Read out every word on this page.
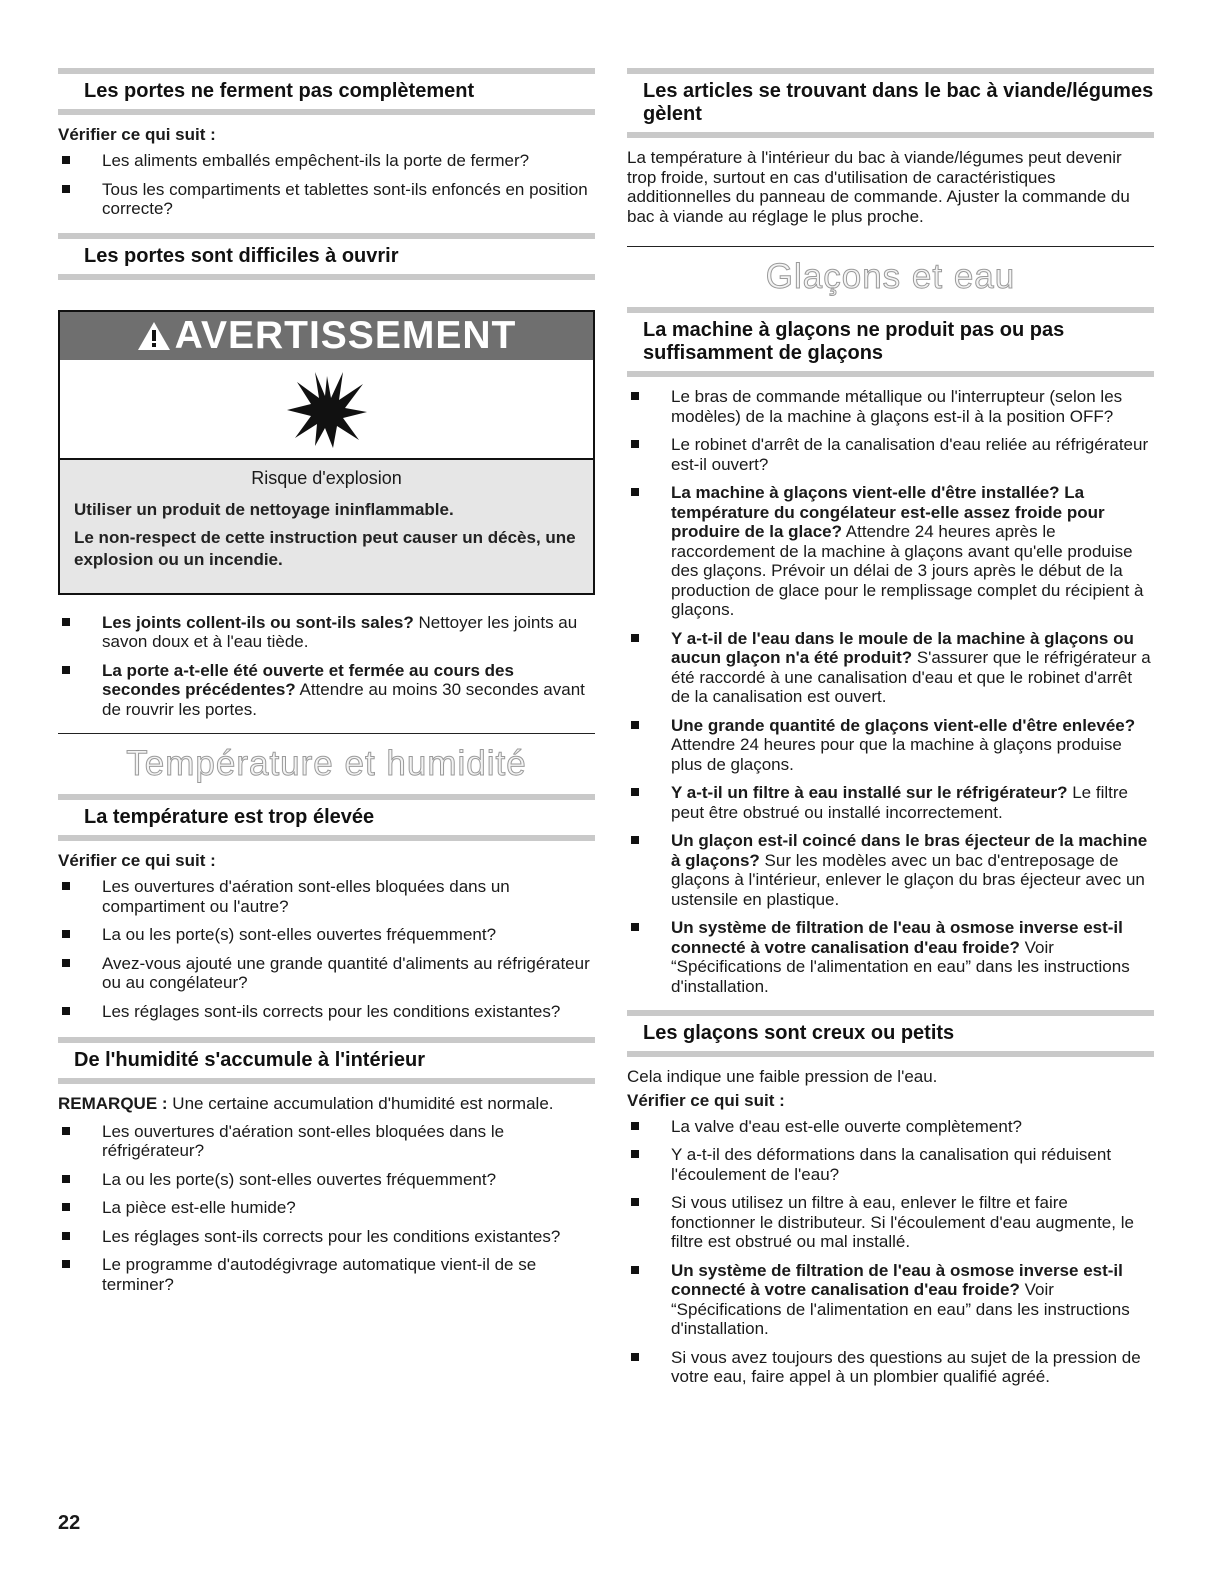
Les portes ne ferment pas complètement
Vérifier ce qui suit :
Les aliments emballés empêchent-ils la porte de fermer?
Tous les compartiments et tablettes sont-ils enfoncés en position correcte?
Les portes sont difficiles à ouvrir
AVERTISSEMENT
Risque d'explosion
Utiliser un produit de nettoyage ininflammable.
Le non-respect de cette instruction peut causer un décès, une explosion ou un incendie.
Les joints collent-ils ou sont-ils sales? Nettoyer les joints au savon doux et à l'eau tiède.
La porte a-t-elle été ouverte et fermée au cours des secondes précédentes? Attendre au moins 30 secondes avant de rouvrir les portes.
Température et humidité
La température est trop élevée
Vérifier ce qui suit :
Les ouvertures d'aération sont-elles bloquées dans un compartiment ou l'autre?
La ou les porte(s) sont-elles ouvertes fréquemment?
Avez-vous ajouté une grande quantité d'aliments au réfrigérateur ou au congélateur?
Les réglages sont-ils corrects pour les conditions existantes?
De l'humidité s'accumule à l'intérieur

REMARQUE : Une certaine accumulation d'humidité est normale.

Les ouvertures d'aération sont-elles bloquées dans le réfrigérateur?
La ou les porte(s) sont-elles ouvertes fréquemment?
La pièce est-elle humide?
Les réglages sont-ils corrects pour les conditions existantes?
Le programme d'autodégivrage automatique vient-il de se terminer?
Les articles se trouvant dans le bac à viande/légumes gèlent

La température à l'intérieur du bac à viande/légumes peut devenir trop froide, surtout en cas d'utilisation de caractéristiques additionnelles du panneau de commande. Ajuster la commande du bac à viande au réglage le plus proche.

Glaçons et eau
La machine à glaçons ne produit pas ou pas suffisamment de glaçons
Le bras de commande métallique ou l'interrupteur (selon les modèles) de la machine à glaçons est-il à la position OFF?
Le robinet d'arrêt de la canalisation d'eau reliée au réfrigérateur est-il ouvert?
La machine à glaçons vient-elle d'être installée? La température du congélateur est-elle assez froide pour produire de la glace? Attendre 24 heures après le raccordement de la machine à glaçons avant qu'elle produise des glaçons. Prévoir un délai de 3 jours après le début de la production de glace pour le remplissage complet du récipient à glaçons.
Y a-t-il de l'eau dans le moule de la machine à glaçons ou aucun glaçon n'a été produit? S'assurer que le réfrigérateur a été raccordé à une canalisation d'eau et que le robinet d'arrêt de la canalisation est ouvert.
Une grande quantité de glaçons vient-elle d'être enlevée? Attendre 24 heures pour que la machine à glaçons produise plus de glaçons.
Y a-t-il un filtre à eau installé sur le réfrigérateur? Le filtre peut être obstrué ou installé incorrectement.
Un glaçon est-il coincé dans le bras éjecteur de la machine à glaçons? Sur les modèles avec un bac d'entreposage de glaçons à l'intérieur, enlever le glaçon du bras éjecteur avec un ustensile en plastique.
Un système de filtration de l'eau à osmose inverse est-il connecté à votre canalisation d'eau froide? Voir “Spécifications de l'alimentation en eau” dans les instructions d'installation.
Les glaçons sont creux ou petits

Cela indique une faible pression de l'eau.

Vérifier ce qui suit :
La valve d'eau est-elle ouverte complètement?
Y a-t-il des déformations dans la canalisation qui réduisent l'écoulement de l'eau?
Si vous utilisez un filtre à eau, enlever le filtre et faire fonctionner le distributeur. Si l'écoulement d'eau augmente, le filtre est obstrué ou mal installé.
Un système de filtration de l'eau à osmose inverse est-il connecté à votre canalisation d'eau froide? Voir “Spécifications de l'alimentation en eau” dans les instructions d'installation.
Si vous avez toujours des questions au sujet de la pression de votre eau, faire appel à un plombier qualifié agréé.
22
